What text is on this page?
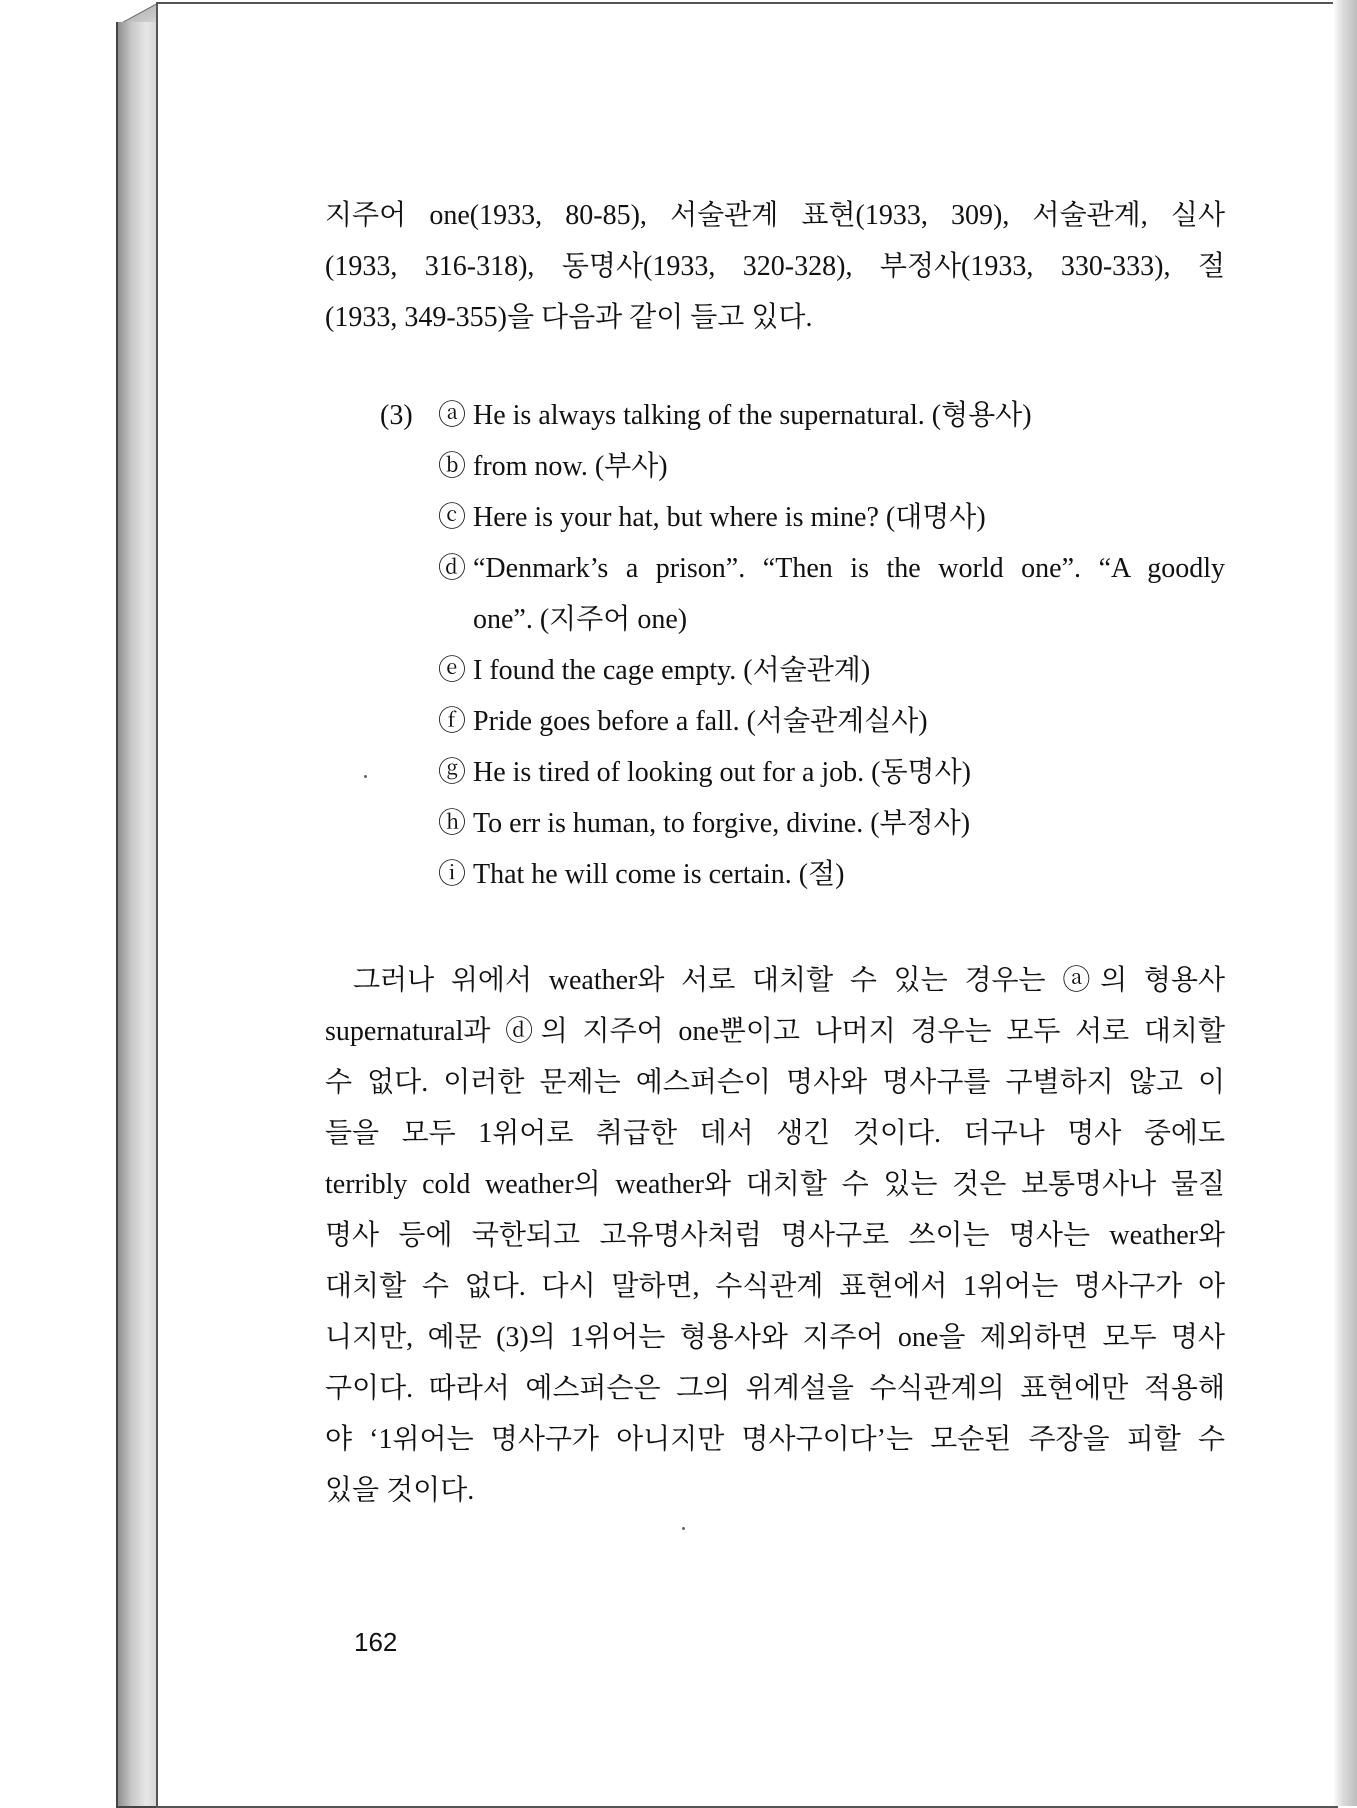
지주어 one(1933, 80-85), 서술관계 표현(1933, 309), 서술관계, 실사
(1933, 316-318), 동명사(1933, 320-328), 부정사(1933, 330-333), 절
(1933, 349-355)을 다음과 같이 들고 있다.

(3) ⓐ He is always talking of the supernatural. (형용사)
ⓑ from now. (부사)
ⓒ Here is your hat, but where is mine? (대명사)
ⓓ “Denmark’s a prison”. “Then is the world one”. “A goodly
one”. (지주어 one)
ⓔ I found the cage empty. (서술관계)
ⓕ Pride goes before a fall. (서술관계실사)
ⓖ He is tired of looking out for a job. (동명사)
ⓗ To err is human, to forgive, divine. (부정사)
ⓘ That he will come is certain. (절)

그러나 위에서 weather와 서로 대치할 수 있는 경우는 ⓐ의 형용사
supernatural과 ⓓ의 지주어 one뿐이고 나머지 경우는 모두 서로 대치할
수 없다. 이러한 문제는 예스퍼슨이 명사와 명사구를 구별하지 않고 이
들을 모두 1위어로 취급한 데서 생긴 것이다. 더구나 명사 중에도
terribly cold weather의 weather와 대치할 수 있는 것은 보통명사나 물질
명사 등에 국한되고 고유명사처럼 명사구로 쓰이는 명사는 weather와
대치할 수 없다. 다시 말하면, 수식관계 표현에서 1위어는 명사구가 아
니지만, 예문 (3)의 1위어는 형용사와 지주어 one을 제외하면 모두 명사
구이다. 따라서 예스퍼슨은 그의 위계설을 수식관계의 표현에만 적용해
야 ‘1위어는 명사구가 아니지만 명사구이다’는 모순된 주장을 피할 수
있을 것이다.

162
